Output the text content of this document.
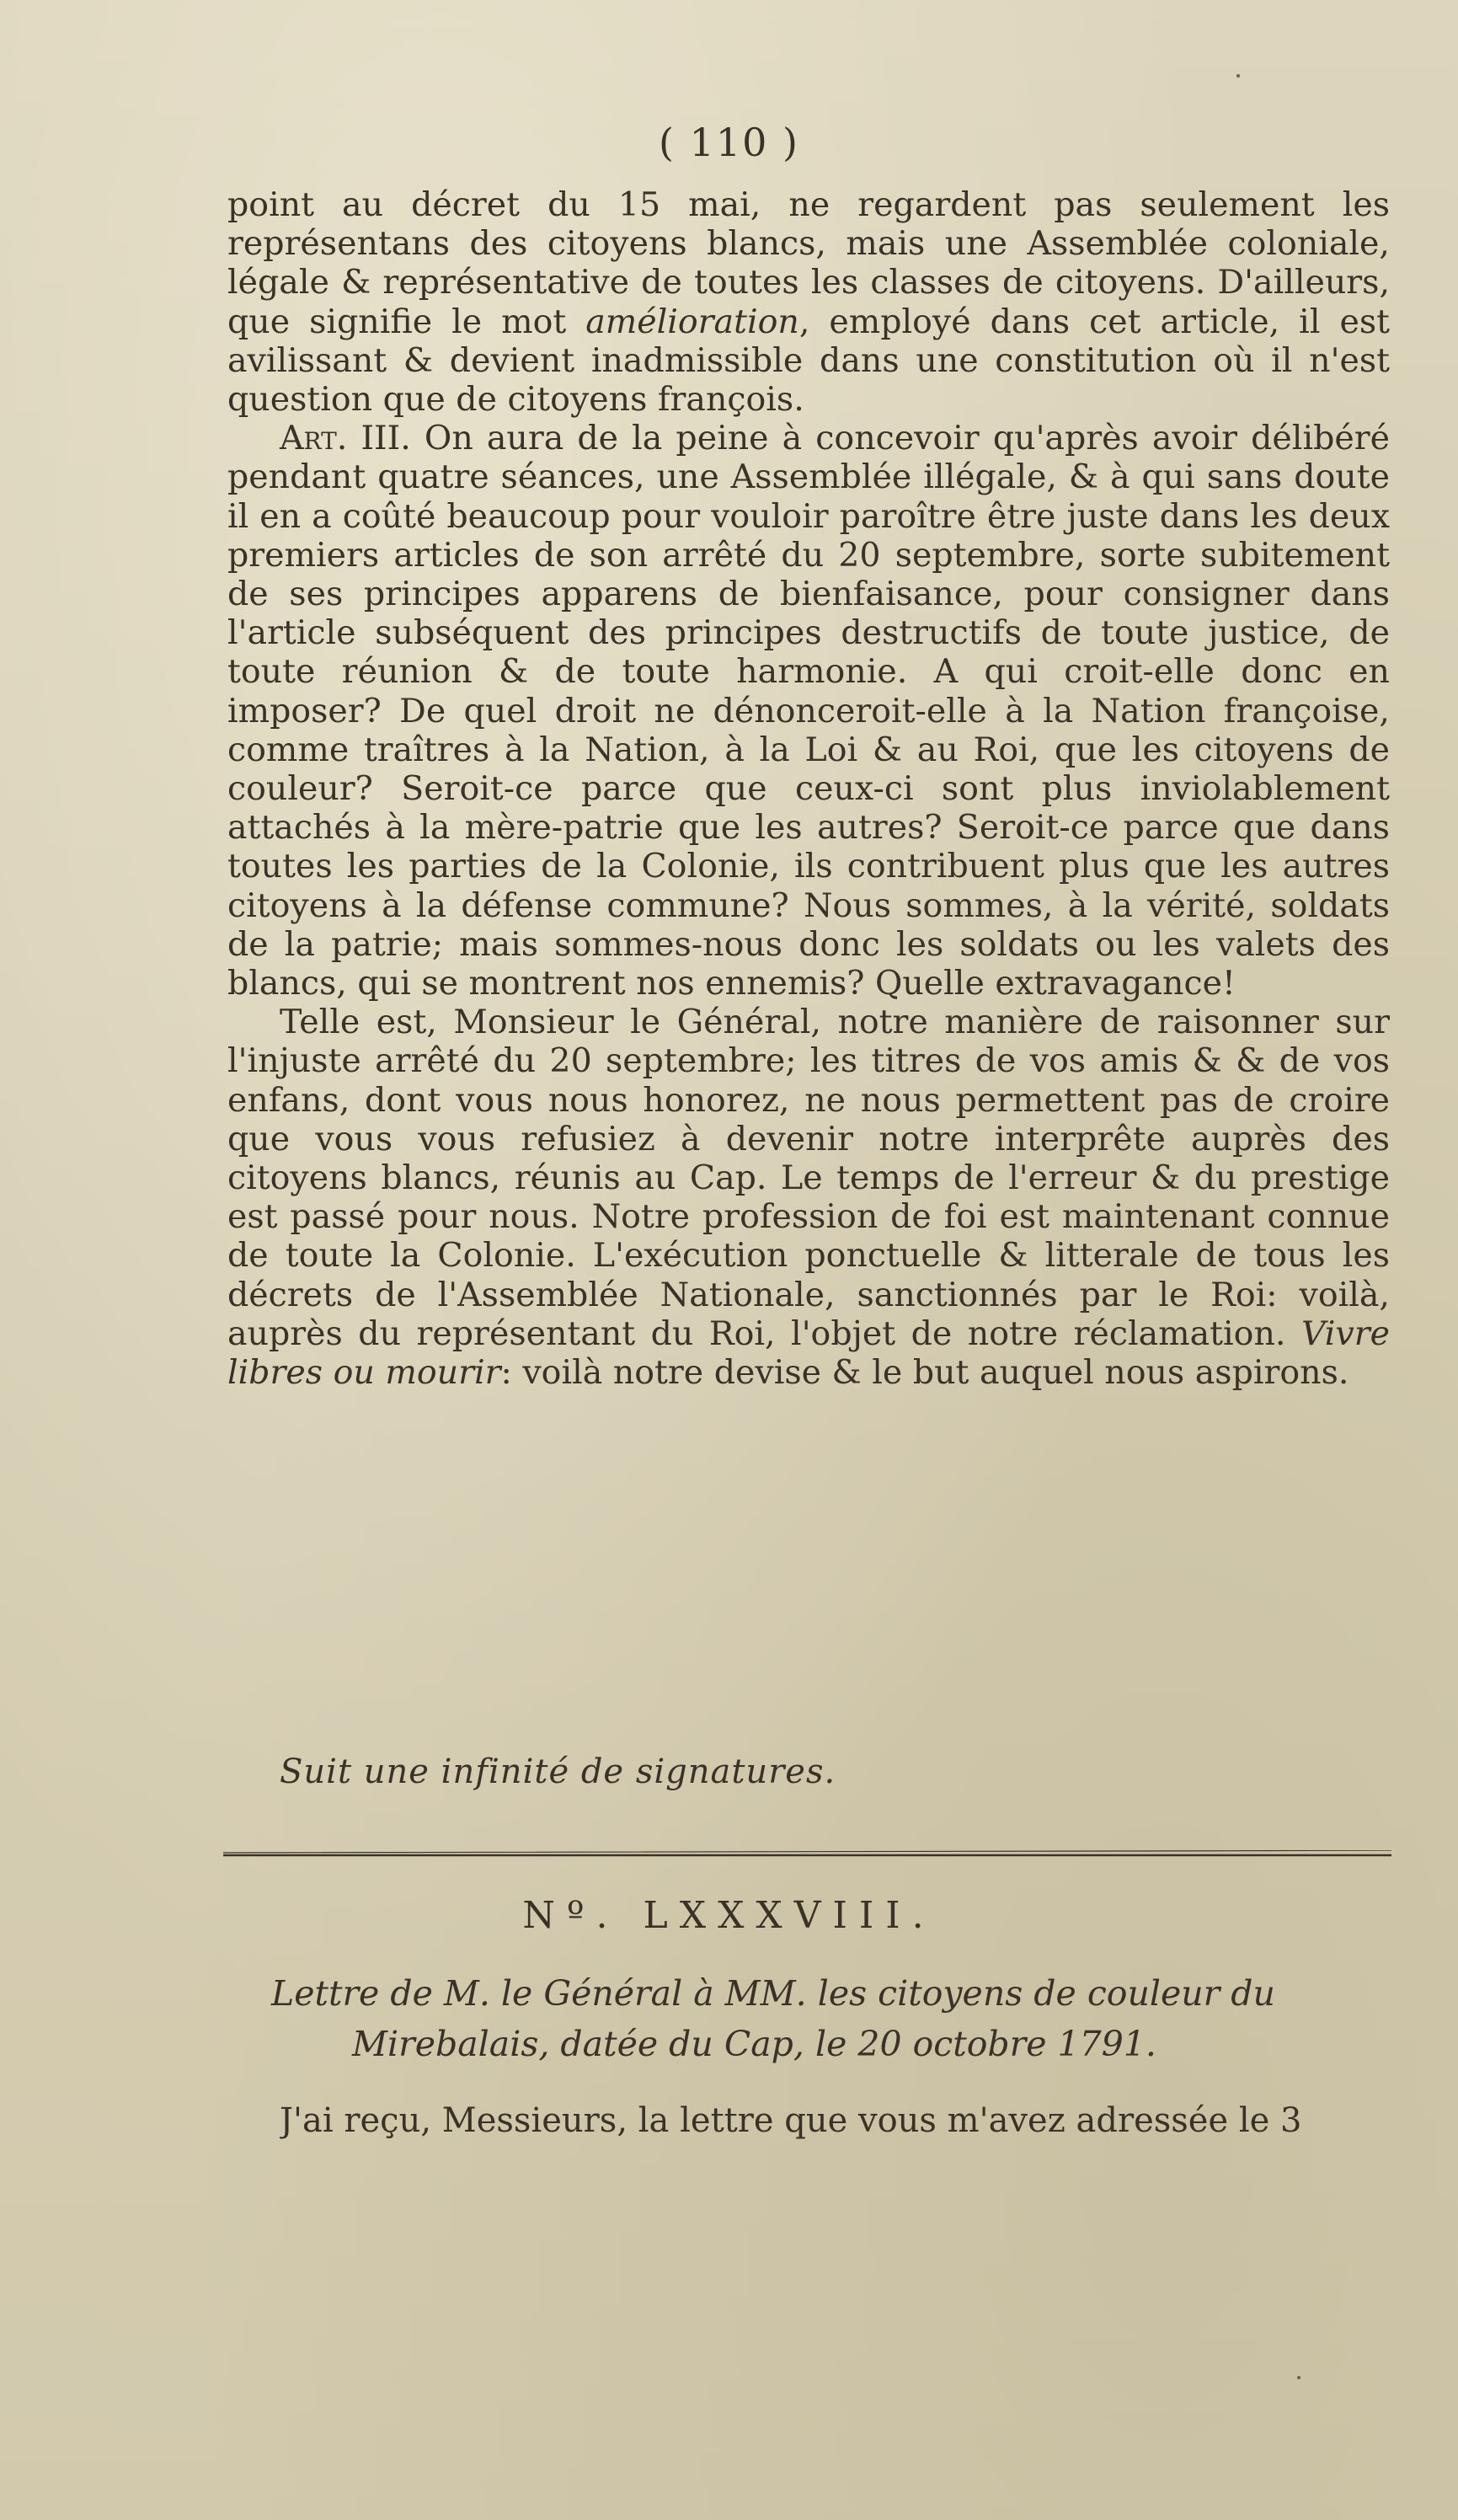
( 110 )

point au décret du 15 mai, ne regardent pas seulement les représentans des citoyens blancs, mais une Assemblée coloniale, légale & représentative de toutes les classes de citoyens. D'ailleurs, que signifie le mot amélioration, employé dans cet article, il est avilissant & devient inadmissible dans une constitution où il n'est question que de citoyens françois.

Art. III. On aura de la peine à concevoir qu'après avoir délibéré pendant quatre séances, une Assemblée illégale, & à qui sans doute il en a coûté beaucoup pour vouloir paroître être juste dans les deux premiers articles de son arrêté du 20 septembre, sorte subitement de ses principes apparens de bienfaisance, pour consigner dans l'article subséquent des principes destructifs de toute justice, de toute réunion & de toute harmonie. A qui croit-elle donc en imposer? De quel droit ne dénonceroit-elle à la Nation françoise, comme traîtres à la Nation, à la Loi & au Roi, que les citoyens de couleur? Seroit-ce parce que ceux-ci sont plus inviolablement attachés à la mère-patrie que les autres? Seroit-ce parce que dans toutes les parties de la Colonie, ils contribuent plus que les autres citoyens à la défense commune? Nous sommes, à la vérité, soldats de la patrie; mais sommes-nous donc les soldats ou les valets des blancs, qui se montrent nos ennemis? Quelle extravagance!

Telle est, Monsieur le Général, notre manière de raisonner sur l'injuste arrêté du 20 septembre; les titres de vos amis & & de vos enfans, dont vous nous honorez, ne nous permettent pas de croire que vous vous refusiez à devenir notre interprête auprès des citoyens blancs, réunis au Cap. Le temps de l'erreur & du prestige est passé pour nous. Notre profession de foi est maintenant connue de toute la Colonie. L'exécution ponctuelle & litterale de tous les décrets de l'Assemblée Nationale, sanctionnés par le Roi: voilà, auprès du représentant du Roi, l'objet de notre réclamation. Vivre libres ou mourir: voilà notre devise & le but auquel nous aspirons.

Suit une infinité de signatures.
Nº. LXXXVIII.
Lettre de M. le Général à MM. les citoyens de couleur du
Mirebalais, datée du Cap, le 20 octobre 1791.
J'ai reçu, Messieurs, la lettre que vous m'avez adressée le 3
